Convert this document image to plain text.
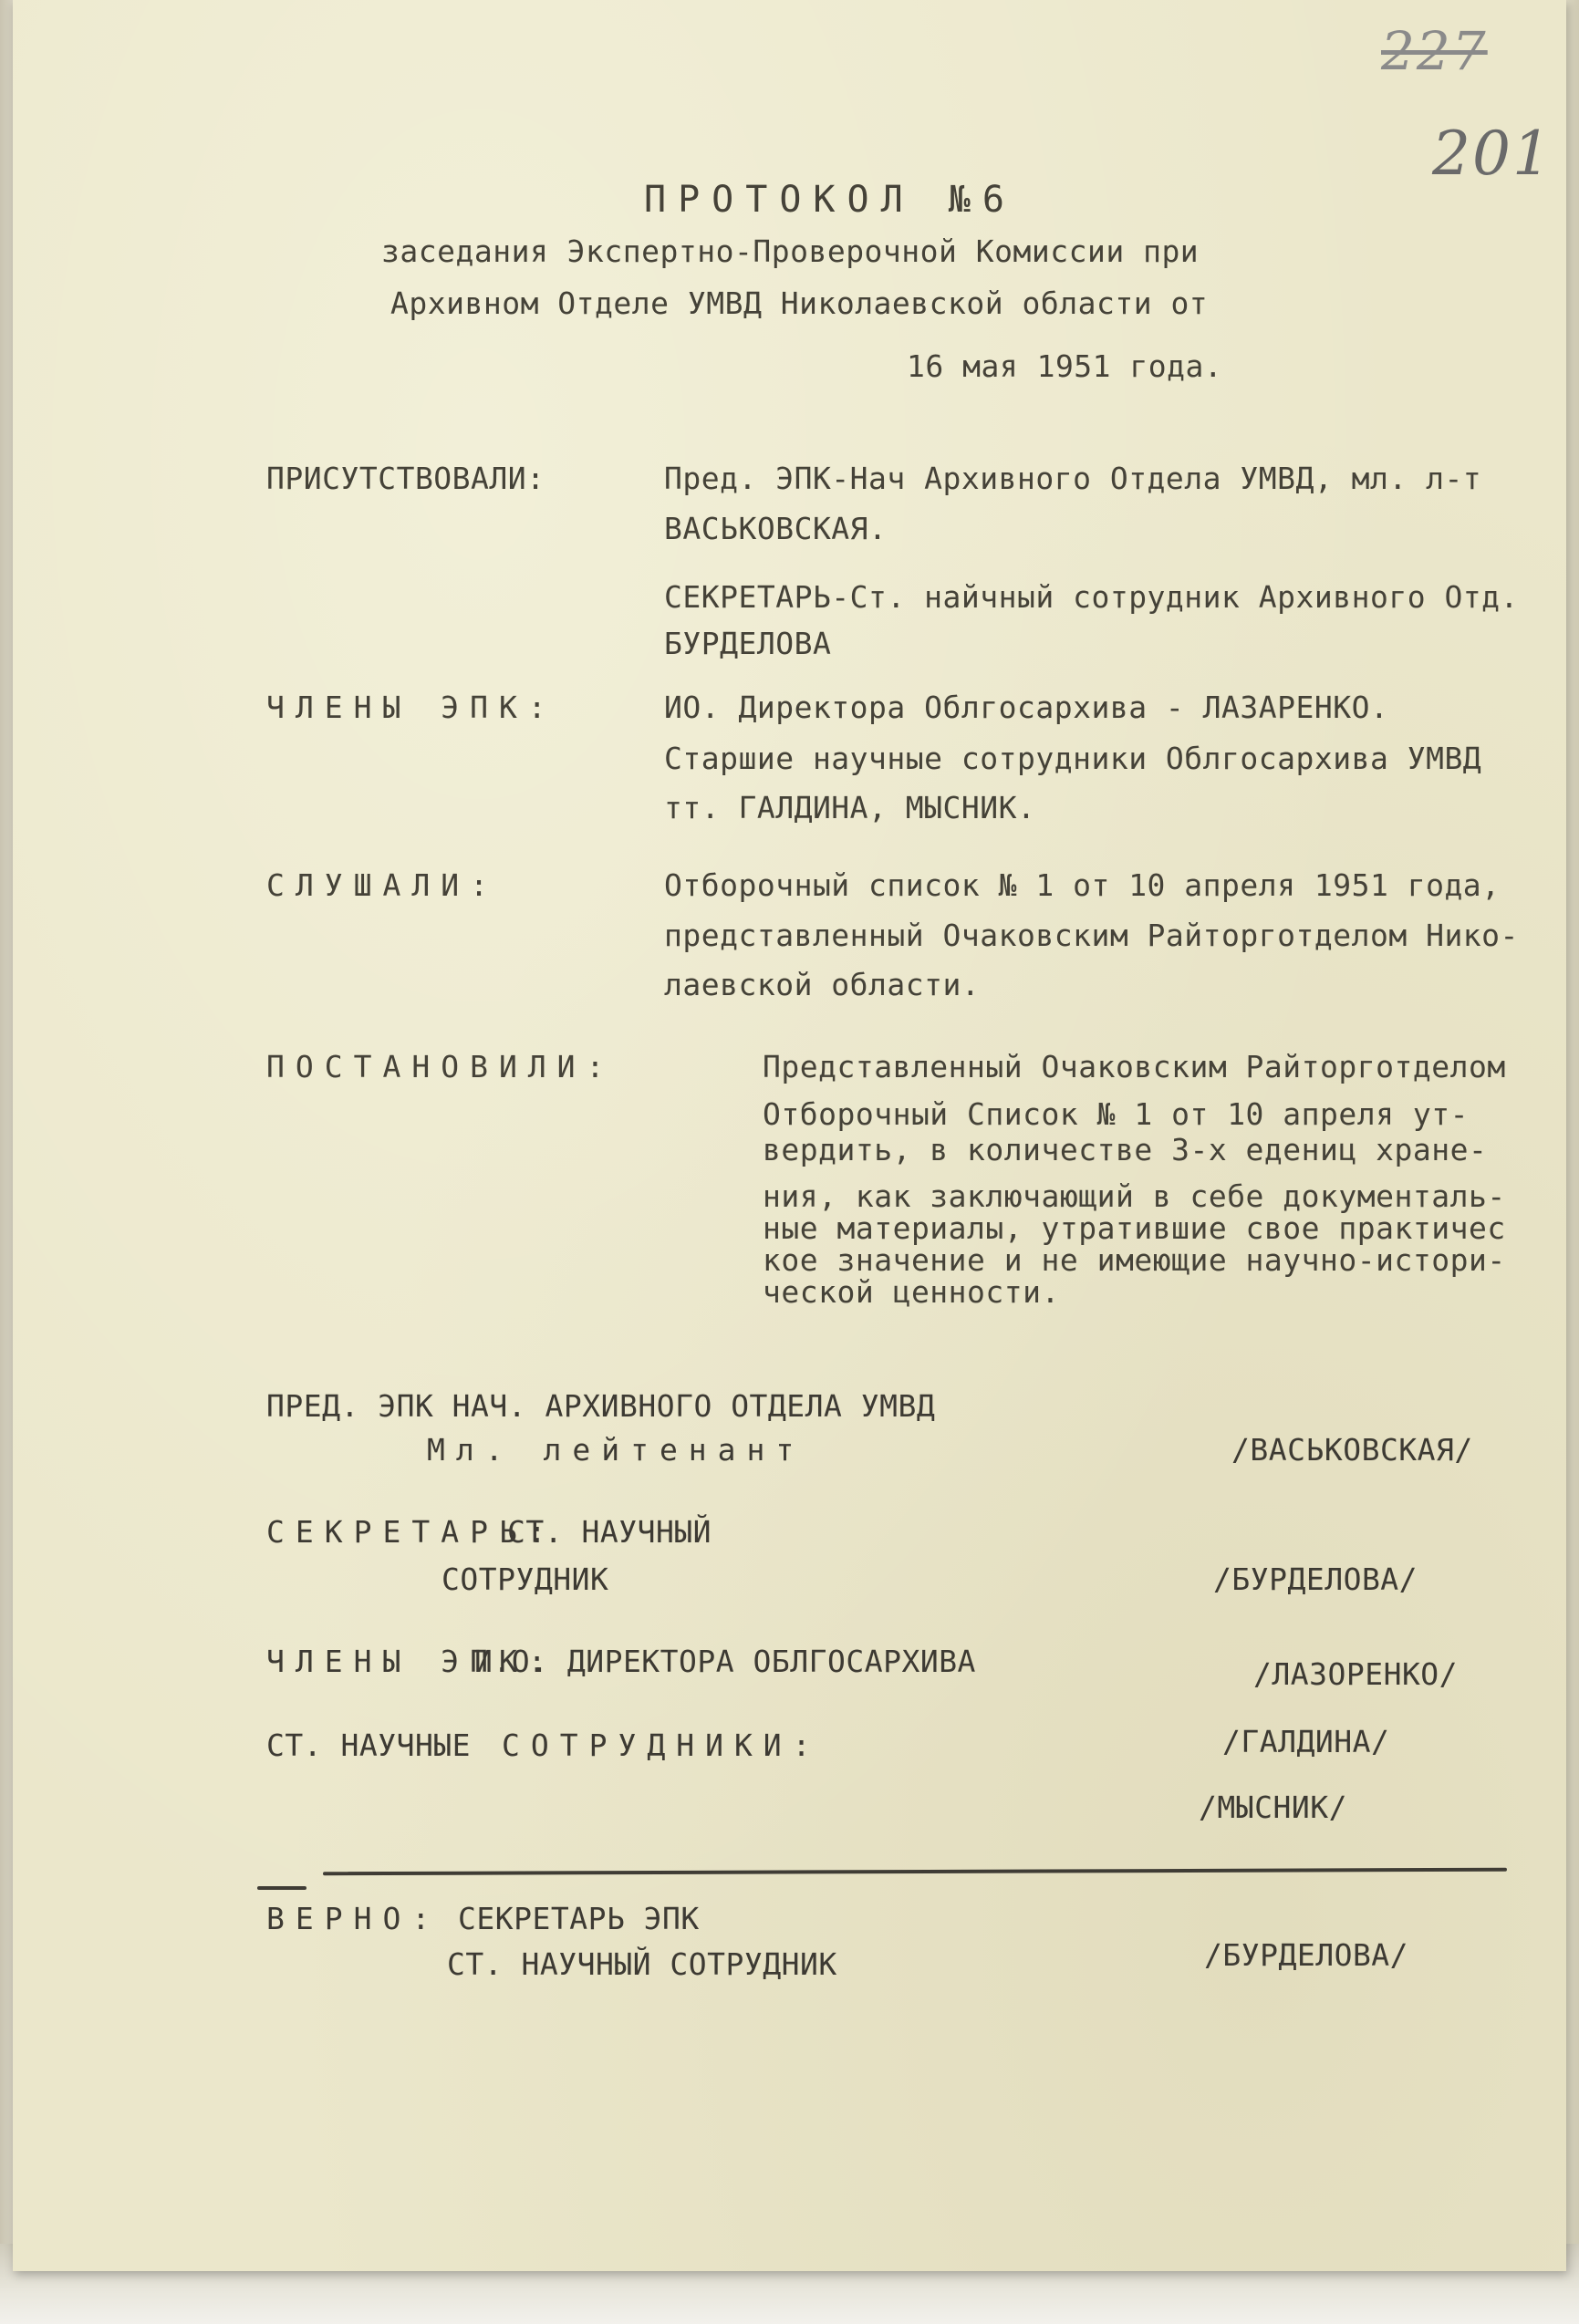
227
201
ПРОТОКОЛ №6
заседания Экспертно-Проверочной Комиссии при
Архивном Отделе УМВД Николаевской области от
16 мая 1951 года.
ПРИСУТСТВОВАЛИ:	Пред. ЭПК-Нач Архивного Отдела УМВД, мл. л-т
ВАСЬКОВСКАЯ.
СЕКРЕТАРЬ-Ст. найчный сотрудник Архивного Отд.
БУРДЕЛОВА
ЧЛЕНЫ ЭПК:	ИО. Директора Облгосархива - ЛАЗАРЕНКО.
Старшие научные сотрудники Облгосархива УМВД
тт. ГАЛДИНА, МЫСНИК.
СЛУШАЛИ:	Отборочный список № 1 от 10 апреля 1951 года,
представленный Очаковским Райторготделом Нико-
лаевской области.
ПОСТАНОВИЛИ:	Представленный Очаковским Райторготделом
Отборочный Список № 1 от 10 апреля ут-
вердить, в количестве 3-х едениц хране-
ния, как заключающий в себе документаль-
ные материалы, утратившие свое практичес
кое значение и не имеющие научно-истори-
ческой ценности.
ПРЕД. ЭПК НАЧ. АРХИВНОГО ОТДЕЛА УМВД
Мл. лейтенант	/ВАСЬКОВСКАЯ/
СЕКРЕТАРЬ:
СТ. НАУЧНЫЙ
СОТРУДНИК	/БУРДЕЛОВА/
ЧЛЕНЫ ЭПК:
И.О. ДИРЕКТОРА ОБЛГОСАРХИВА	/ЛАЗОРЕНКО/
СТ. НАУЧНЫЕ СОТРУДНИКИ:	/ГАЛДИНА/
/МЫСНИК/
ВЕРНО: СЕКРЕТАРЬ ЭПК
СТ. НАУЧНЫЙ СОТРУДНИК	/БУРДЕЛОВА/
